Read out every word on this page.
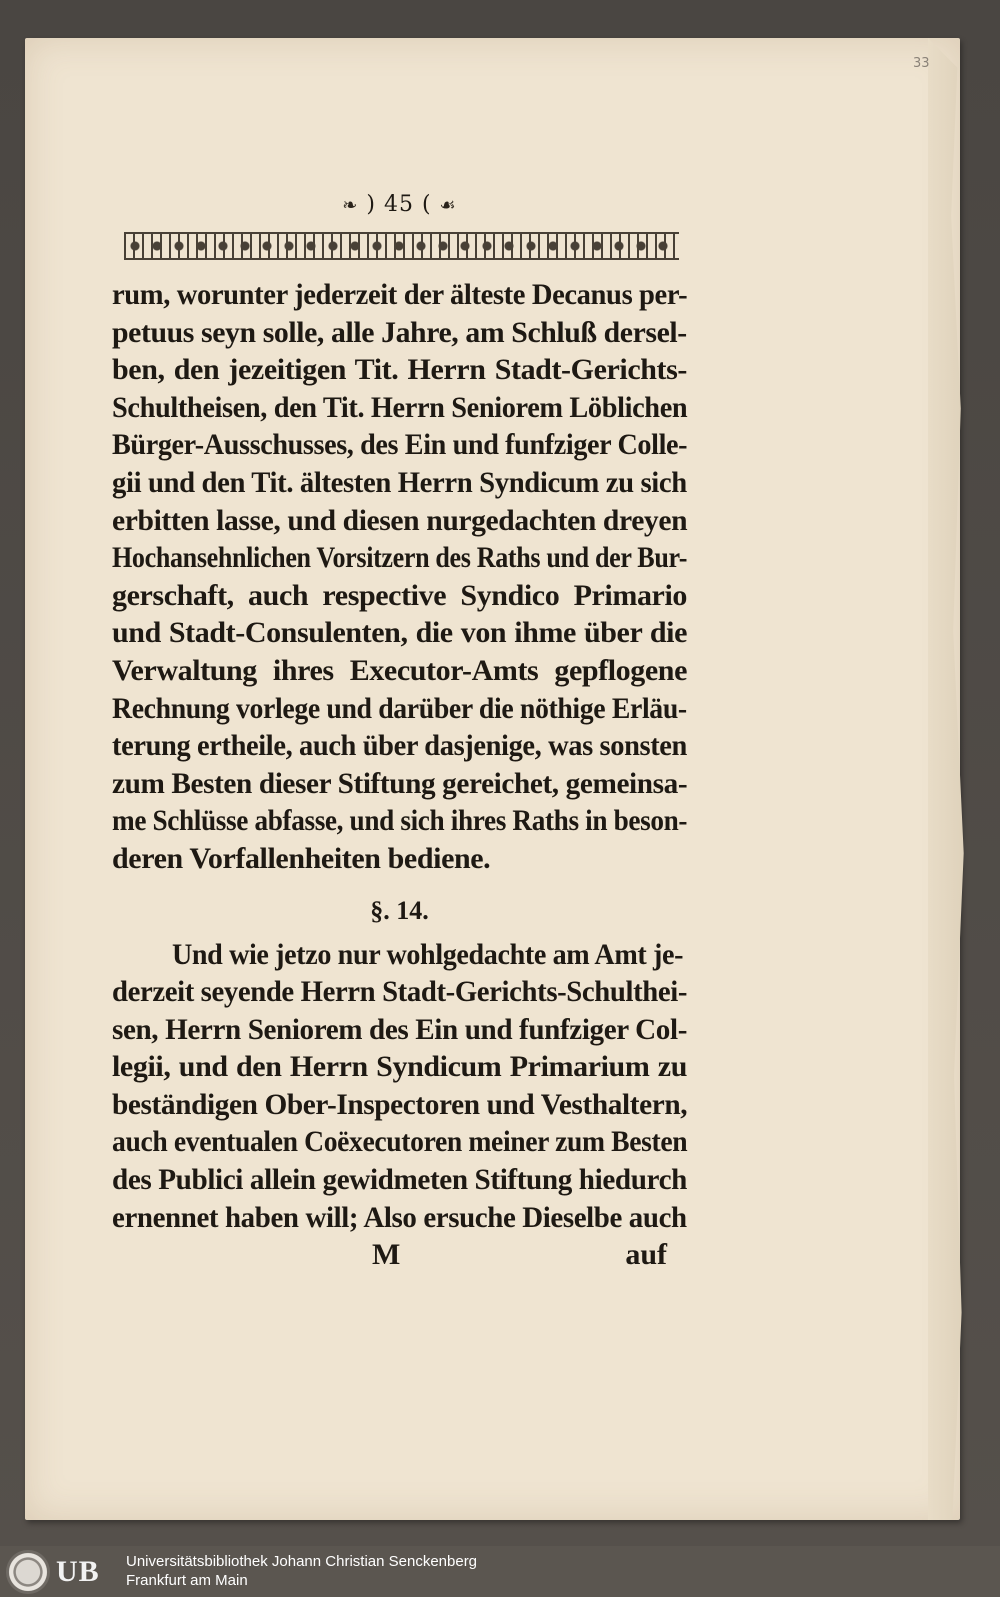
33
❧ ) 45 ( ☙
rum, worunter jederzeit der älteste Decanus per-
petuus seyn solle, alle Jahre, am Schluß dersel-
ben, den jezeitigen Tit. Herrn Stadt-Gerichts-
Schultheisen, den Tit. Herrn Seniorem Löblichen
Bürger-Ausschusses, des Ein und funfziger Colle-
gii und den Tit. ältesten Herrn Syndicum zu sich
erbitten lasse, und diesen nurgedachten dreyen
Hochansehnlichen Vorsitzern des Raths und der Bur-
gerschaft, auch respective Syndico Primario
und Stadt-Consulenten, die von ihme über die
Verwaltung ihres Executor-Amts gepflogene
Rechnung vorlege und darüber die nöthige Erläu-
terung ertheile, auch über dasjenige, was sonsten
zum Besten dieser Stiftung gereichet, gemeinsa-
me Schlüsse abfasse, und sich ihres Raths in beson-
deren Vorfallenheiten bediene.
§. 14.
Und wie jetzo nur wohlgedachte am Amt je-
derzeit seyende Herrn Stadt-Gerichts-Schulthei-
sen, Herrn Seniorem des Ein und funfziger Col-
legii, und den Herrn Syndicum Primarium zu
beständigen Ober-Inspectoren und Vesthaltern,
auch eventualen Coëxecutoren meiner zum Besten
des Publici allein gewidmeten Stiftung hiedurch
ernennet haben will; Also ersuche Dieselbe auch
M	auf
UB Universitätsbibliothek Johann Christian Senckenberg
Frankfurt am Main
